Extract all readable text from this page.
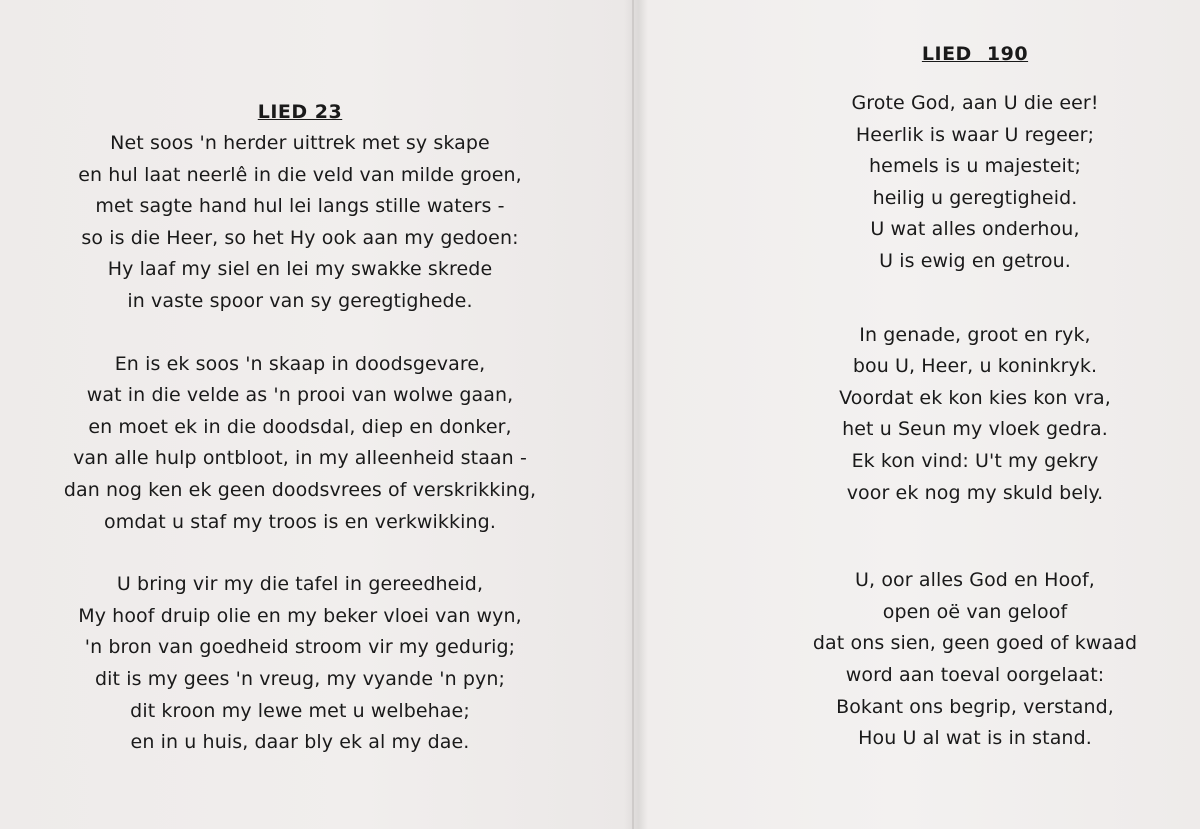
LIED 23
Net soos 'n herder uittrek met sy skape
en hul laat neerlê in die veld van milde groen,
met sagte hand hul lei langs stille waters -
so is die Heer, so het Hy ook aan my gedoen:
Hy laaf my siel en lei my swakke skrede
in vaste spoor van sy geregtighede.
En is ek soos 'n skaap in doodsgevare,
wat in die velde as 'n prooi van wolwe gaan,
en moet ek in die doodsdal, diep en donker,
van alle hulp ontbloot, in my alleenheid staan -
dan nog ken ek geen doodsvrees of verskrikking,
omdat u staf my troos is en verkwikking.
U bring vir my die tafel in gereedheid,
My hoof druip olie en my beker vloei van wyn,
'n bron van goedheid stroom vir my gedurig;
dit is my gees 'n vreug, my vyande 'n pyn;
dit kroon my lewe met u welbehae;
en in u huis, daar bly ek al my dae.
LIED 190
Grote God, aan U die eer!
Heerlik is waar U regeer;
hemels is u majesteit;
heilig u geregtigheid.
U wat alles onderhou,
U is ewig en getrou.
In genade, groot en ryk,
bou U, Heer, u koninkryk.
Voordat ek kon kies kon vra,
het u Seun my vloek gedra.
Ek kon vind: U't my gekry
voor ek nog my skuld bely.
U, oor alles God en Hoof,
open oë van geloof
dat ons sien, geen goed of kwaad
word aan toeval oorgelaat:
Bokant ons begrip, verstand,
Hou U al wat is in stand.
